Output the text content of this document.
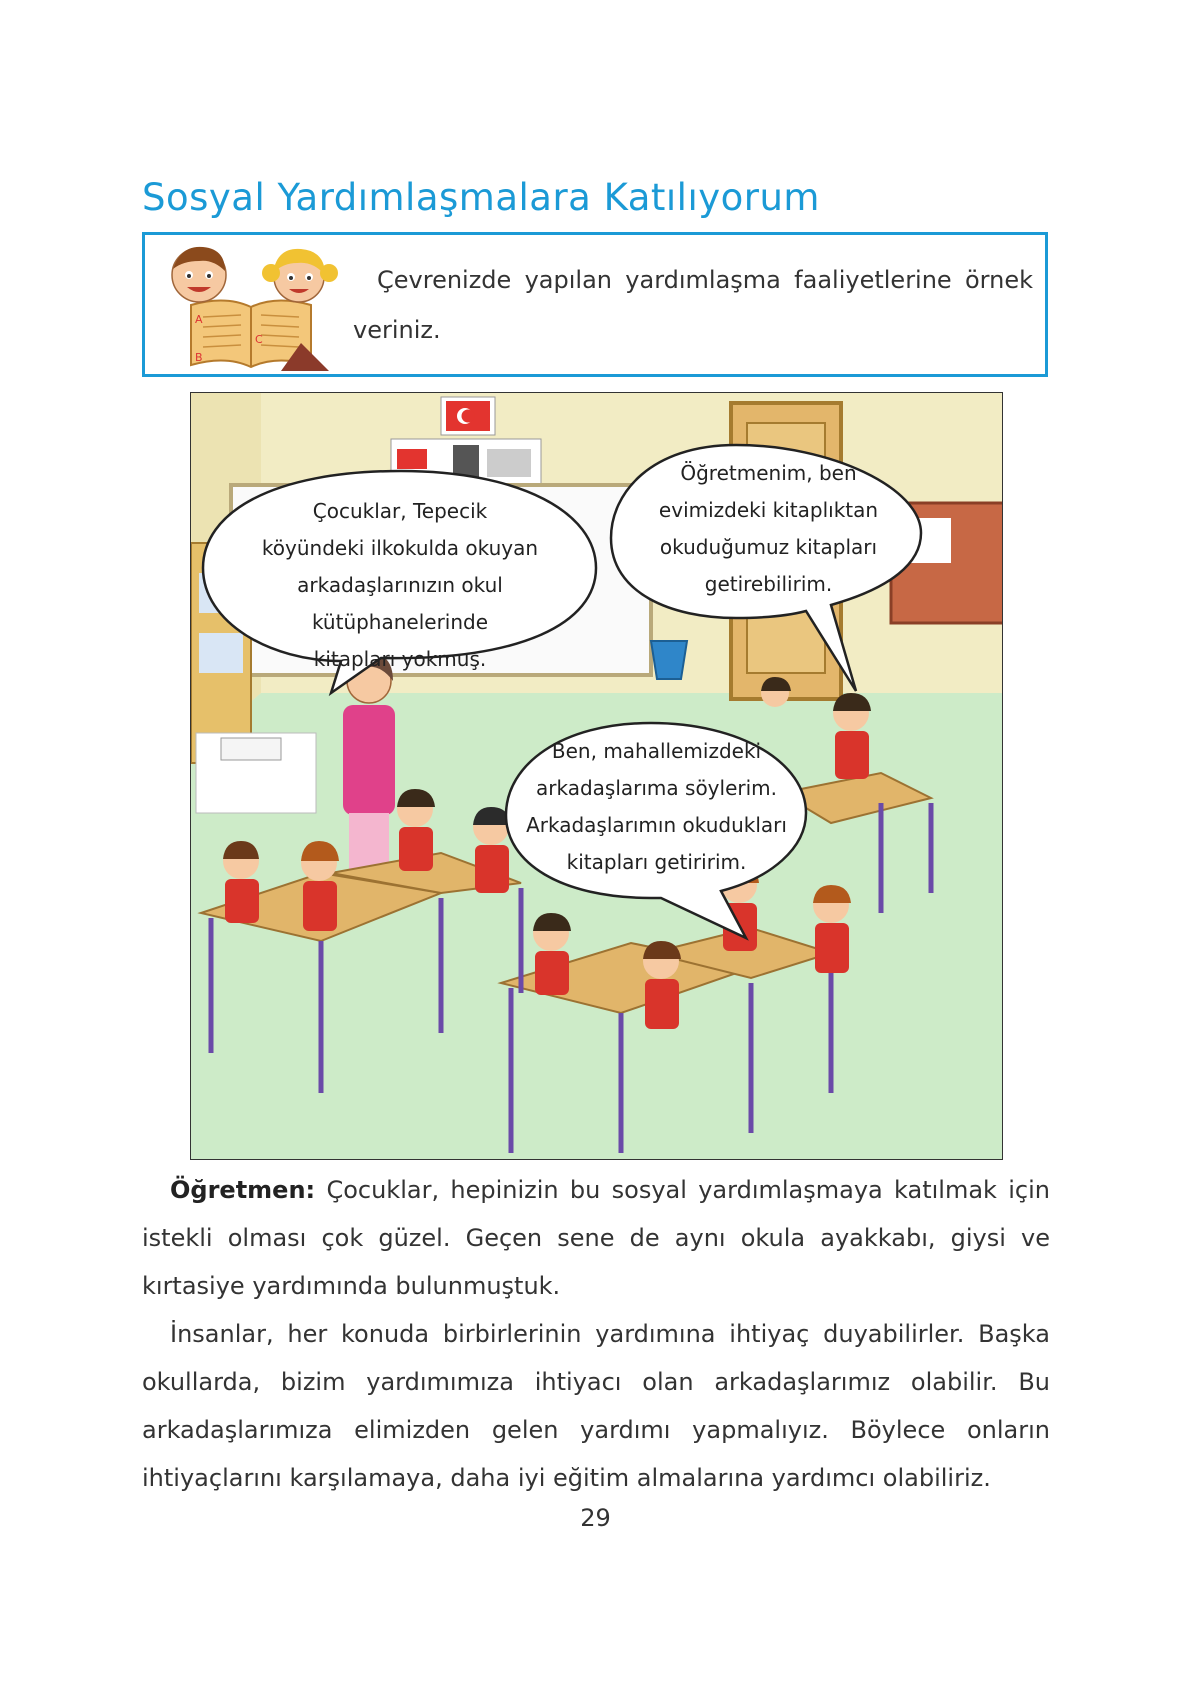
Sosyal Yardımlaşmalara Katılıyorum
A
B
C
Çevrenizde yapılan yardımlaşma faaliyetlerine örnek veriniz.
Çocuklar, Tepecik
köyündeki ilkokulda okuyan
arkadaşlarınızın okul kütüphanelerinde
kitapları yokmuş.
Öğretmenim, ben
evimizdeki kitaplıktan
okuduğumuz kitapları
getirebilirim.
Ben, mahallemizdeki
arkadaşlarıma söylerim.
Arkadaşlarımın okudukları
kitapları getiririm.
Öğretmen: Çocuklar, hepinizin bu sosyal yardımlaşmaya katılmak için istekli olması çok güzel. Geçen sene de aynı okula ayakkabı, giysi ve kırtasiye yardımında bulunmuştuk.
İnsanlar, her konuda birbirlerinin yardımına ihtiyaç duyabilirler. Başka okullarda, bizim yardımımıza ihtiyacı olan arkadaşlarımız olabilir. Bu arkadaşlarımıza elimizden gelen yardımı yapmalıyız. Böylece onların ihtiyaçlarını karşılamaya, daha iyi eğitim almalarına yardımcı olabiliriz.
29
